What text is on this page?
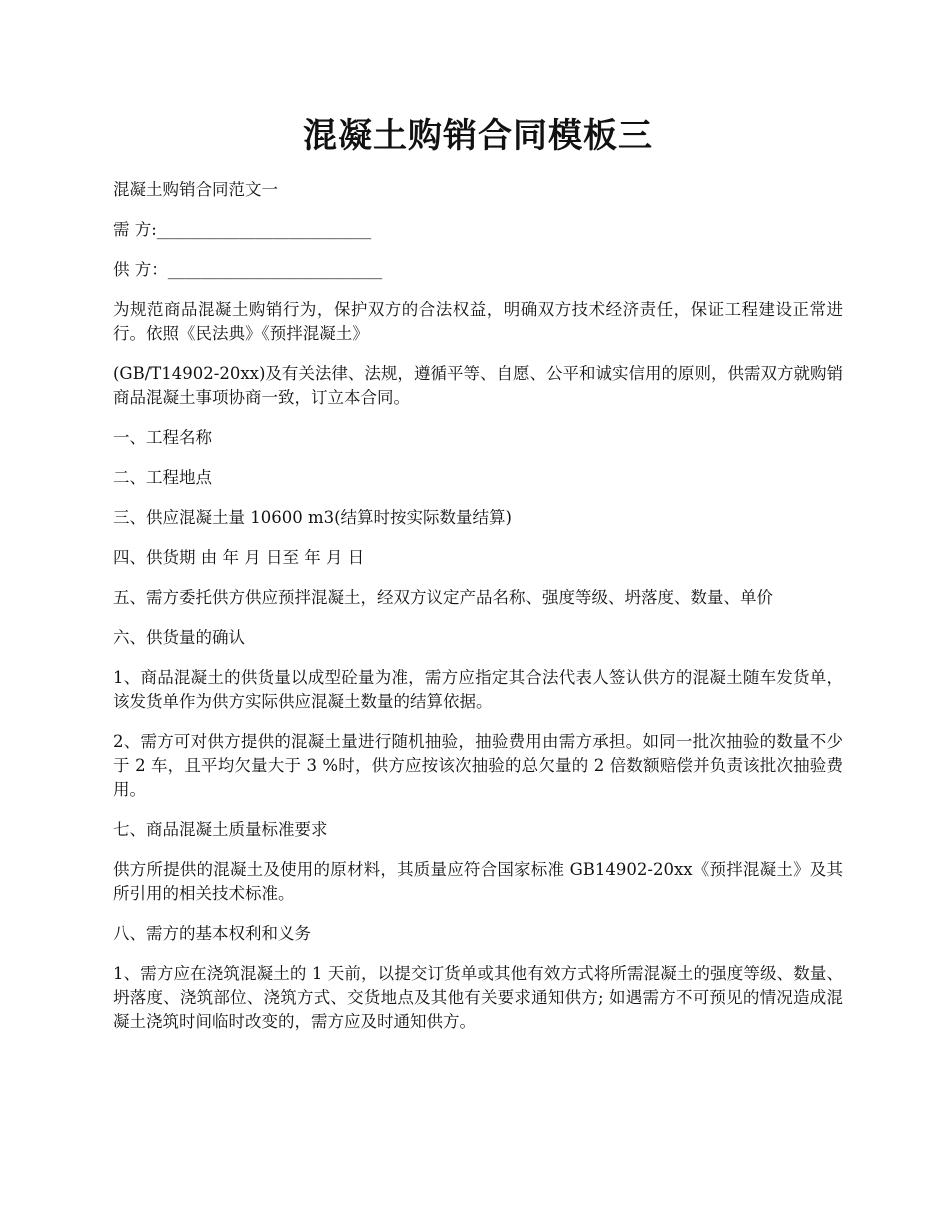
混凝土购销合同模板三

混凝土购销合同范文一

需 方:__________________________

供 方：__________________________

为规范商品混凝土购销行为，保护双方的合法权益，明确双方技术经济责任，保证工程建设正常进行。依照《民法典》《预拌混凝土》

(GB/T14902-20xx)及有关法律、法规，遵循平等、自愿、公平和诚实信用的原则，供需双方就购销商品混凝土事项协商一致，订立本合同。

一、工程名称

二、工程地点

三、供应混凝土量 10600 m3(结算时按实际数量结算)

四、供货期 由 年 月 日至 年 月 日

五、需方委托供方供应预拌混凝土，经双方议定产品名称、强度等级、坍落度、数量、单价

六、供货量的确认

1、商品混凝土的供货量以成型砼量为准，需方应指定其合法代表人签认供方的混凝土随车发货单，该发货单作为供方实际供应混凝土数量的结算依据。

2、需方可对供方提供的混凝土量进行随机抽验，抽验费用由需方承担。如同一批次抽验的数量不少于 2 车，且平均欠量大于 3 %时，供方应按该次抽验的总欠量的 2 倍数额赔偿并负责该批次抽验费用。

七、商品混凝土质量标准要求

供方所提供的混凝土及使用的原材料，其质量应符合国家标准 GB14902-20xx《预拌混凝土》及其所引用的相关技术标准。

八、需方的基本权利和义务

1、需方应在浇筑混凝土的 1 天前，以提交订货单或其他有效方式将所需混凝土的强度等级、数量、坍落度、浇筑部位、浇筑方式、交货地点及其他有关要求通知供方; 如遇需方不可预见的情况造成混凝土浇筑时间临时改变的，需方应及时通知供方。
